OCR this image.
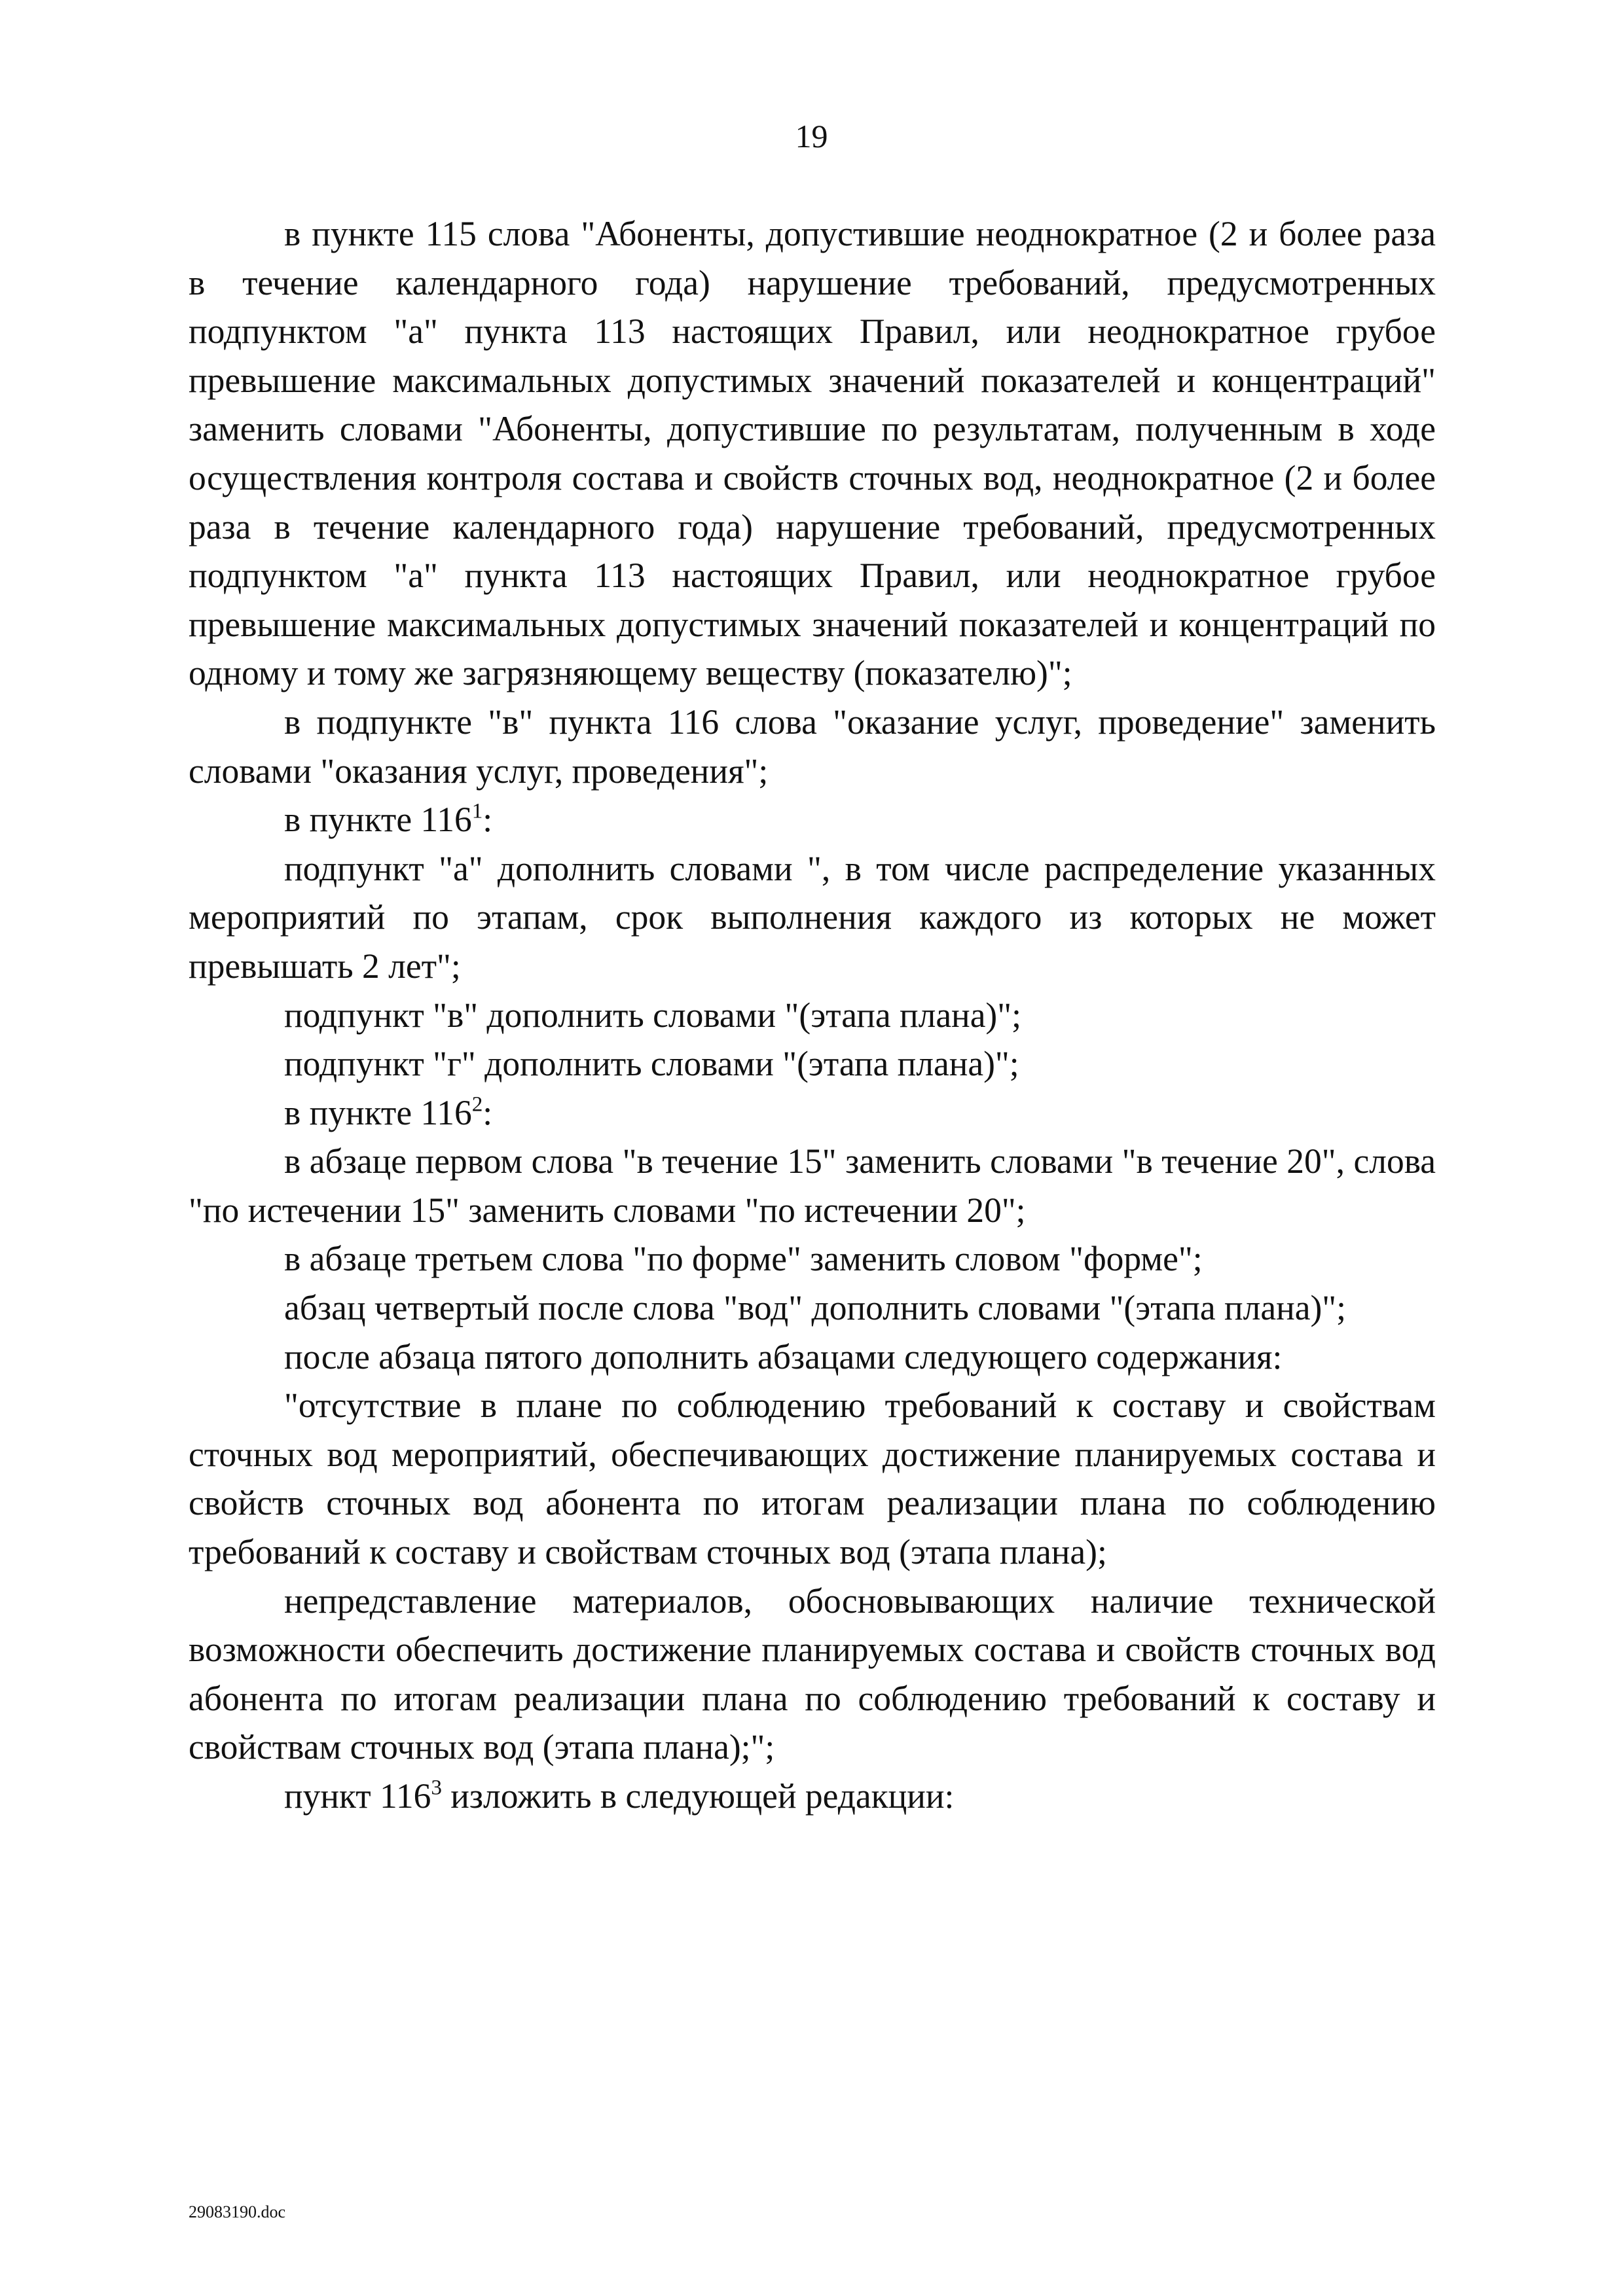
19

в пункте 115 слова "Абоненты, допустившие неоднократное (2 и более раза в течение календарного года) нарушение требований, предусмотренных подпунктом "а" пункта 113 настоящих Правил, или неоднократное грубое превышение максимальных допустимых значений показателей и концентраций" заменить словами "Абоненты, допустившие по результатам, полученным в ходе осуществления контроля состава и свойств сточных вод, неоднократное (2 и более раза в течение календарного года) нарушение требований, предусмотренных подпунктом "а" пункта 113 настоящих Правил, или неоднократное грубое превышение максимальных допустимых значений показателей и концентраций по одному и тому же загрязняющему веществу (показателю)";

в подпункте "в" пункта 116 слова "оказание услуг, проведение" заменить словами "оказания услуг, проведения";

в пункте $116^1$:

подпункт "а" дополнить словами ", в том числе распределение указанных мероприятий по этапам, срок выполнения каждого из которых не может превышать 2 лет";

подпункт "в" дополнить словами "(этапа плана)";

подпункт "г" дополнить словами "(этапа плана)";

в пункте $116^2$:

в абзаце первом слова "в течение 15" заменить словами "в течение 20", слова "по истечении 15" заменить словами "по истечении 20";

в абзаце третьем слова "по форме" заменить словом "форме";

абзац четвертый после слова "вод" дополнить словами "(этапа плана)";

после абзаца пятого дополнить абзацами следующего содержания:

"отсутствие в плане по соблюдению требований к составу и свойствам сточных вод мероприятий, обеспечивающих достижение планируемых состава и свойств сточных вод абонента по итогам реализации плана по соблюдению требований к составу и свойствам сточных вод (этапа плана);

непредставление материалов, обосновывающих наличие технической возможности обеспечить достижение планируемых состава и свойств сточных вод абонента по итогам реализации плана по соблюдению требований к составу и свойствам сточных вод (этапа плана);";

пункт $116^3$ изложить в следующей редакции:

29083190.doc
